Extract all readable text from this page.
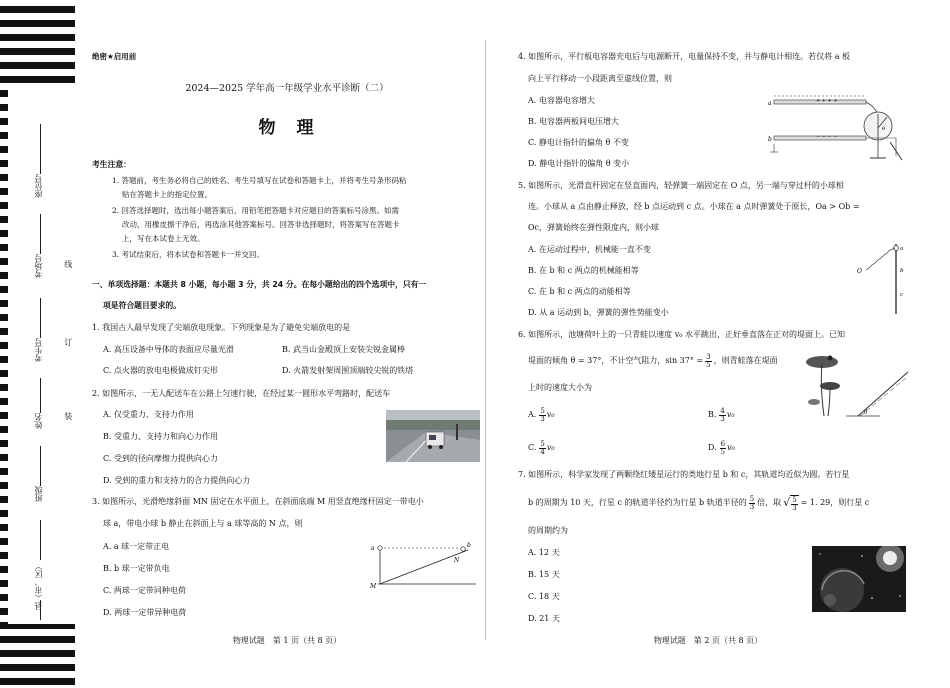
座位号
考场号
考生号
姓名
班级
县（市、区）
线
订
装
绝密★启用前
2024—2025 学年高一年级学业水平诊断（二）
物　理
考生注意：
1. 答题前，考生务必将自己的姓名、考生号填写在试卷和答题卡上，并将考生号条形码粘
贴在答题卡上的指定位置。
2. 回答选择题时，选出每小题答案后，用铅笔把答题卡对应题目的答案标号涂黑。如需
改动，用橡皮擦干净后，再选涂其他答案标号。回答非选择题时，将答案写在答题卡
上，写在本试卷上无效。
3. 考试结束后，将本试卷和答题卡一并交回。
一、单项选择题：本题共 8 小题，每小题 3 分，共 24 分。在每小题给出的四个选项中，只有一
项是符合题目要求的。
1. 我国古人最早发现了尖端放电现象。下列现象是为了避免尖端放电的是
A. 高压设备中导体的表面应尽量光滑	B. 武当山金殿顶上安装尖锐金属棒
C. 点火器的放电电极做成钉尖形	D. 火箭发射架周围顶端较尖锐的铁塔
2. 如图所示，一无人配送车在公路上匀速行驶，在经过某一圆形水平弯路时，配送车
A. 仅受重力、支持力作用
B. 受重力、支持力和向心力作用
C. 受到的径向摩擦力提供向心力
D. 受到的重力和支持力的合力提供向心力
3. 如图所示，光滑绝缘斜面 MN 固定在水平面上，在斜面底端 M 用竖直绝缘杆固定一带电小
球 a，带电小球 b 静止在斜面上与 a 球等高的 N 点，则
A. a 球一定带正电
B. b 球一定带负电
C. 两球一定带同种电荷
D. 两球一定带异种电荷
a	b
N
M
物理试题　第 1 页（共 8 页）
4. 如图所示，平行板电容器充电后与电源断开，电量保持不变，并与静电计相连。若仅将 a 板
向上平行移动一小段距离至虚线位置，则
A. 电容器电容增大
B. 电容器两板间电压增大
C. 静电计指针的偏角 θ 不变
D. 静电计指针的偏角 θ 变小
a
b
+ + + +
− − − −
θ
5. 如图所示，光滑直杆固定在竖直面内，轻弹簧一端固定在 O 点，另一端与穿过杆的小球相
连。小球从 a 点由静止释放，经 b 点运动到 c 点。小球在 a 点时弹簧处于原长，Oa > Ob =
Oc，弹簧始终在弹性限度内，则小球
A. 在运动过程中，机械能一直不变
B. 在 b 和 c 两点的机械能相等
C. 在 b 和 c 两点的动能相等
D. 从 a 运动到 b，弹簧的弹性势能变小
O
a
b
c
6. 如图所示，池塘荷叶上的一只青蛙以速度 v₀ 水平跳出，正好垂直落在正对的堤面上。已知
堤面的倾角 θ = 37°，不计空气阻力，$\sin 37^\circ = \frac{3}{5}$ ，则青蛙落在堤面
上时的速度大小为
A. $\frac{5}{3} v_0$	B. $\frac{4}{3} v_0$
C. $\frac{5}{4} v_0$	D. $\frac{6}{5} v_0$
θ
7. 如图所示，科学家发现了两颗绕红矮星运行的类地行星 b 和 c，其轨道均近似为圆。若行星
b 的周期为 10 天，行星 c 的轨道半径约为行星 b 轨道半径的 $\frac{5}{3}$ 倍，取 √ $\frac{5}{3} = 1$. 29，则行星 c
的周期约为
A. 12 天
B. 15 天
C. 18 天
D. 21 天
物理试题　第 2 页（共 8 页）
